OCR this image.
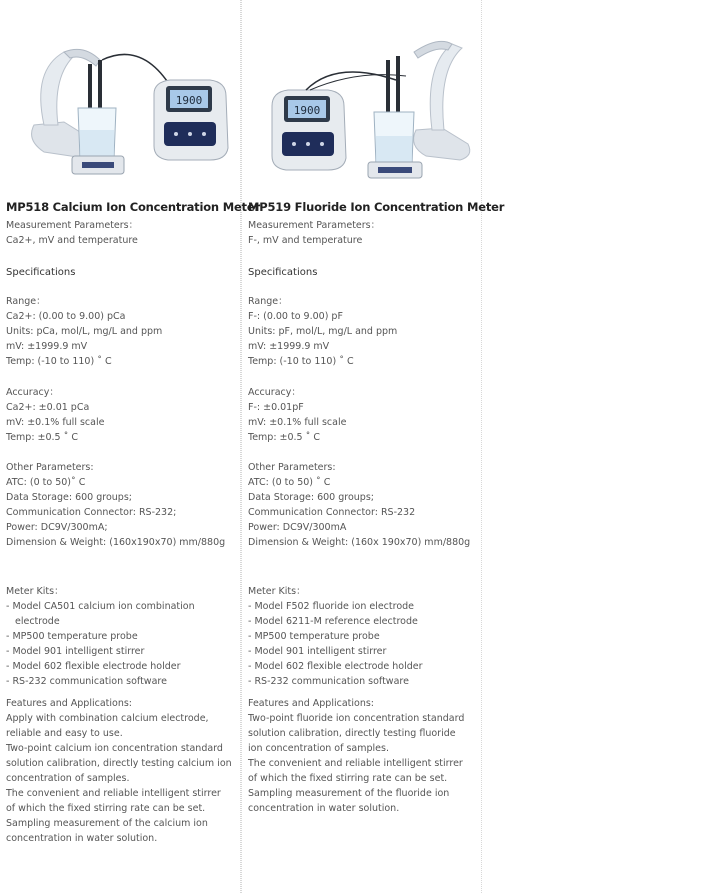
1900
MP518 Calcium Ion Concentration Meter
Measurement Parameters：
Ca2+, mV and temperature
Specifications
Range：
Ca2+: (0.00 to 9.00) pCa
Units: pCa, mol/L, mg/L and ppm
mV: ±1999.9 mV
Temp: (-10 to 110) ˚ C
Accuracy：
Ca2+: ±0.01 pCa
mV: ±0.1% full scale
Temp: ±0.5 ˚ C
Other Parameters:
ATC: (0 to 50)˚ C
Data Storage: 600 groups;
Communication Connector: RS-232;
Power: DC9V/300mA;
Dimension & Weight: (160x190x70) mm/880g
Meter Kits：
- Model CA501 calcium ion combination
electrode
- MP500 temperature probe
- Model 901 intelligent stirrer
- Model 602 flexible electrode holder
- RS-232 communication software
Features and Applications:
Apply with combination calcium electrode,
reliable and easy to use.
Two-point calcium ion concentration standard
solution calibration, directly testing calcium ion
concentration of samples.
The convenient and reliable intelligent stirrer
of which the fixed stirring rate can be set.
Sampling measurement of the calcium ion
concentration in water solution.
1900
MP519 Fluoride Ion Concentration Meter
Measurement Parameters：
F-, mV and temperature
Specifications
Range：
F-: (0.00 to 9.00) pF
Units: pF, mol/L, mg/L and ppm
mV: ±1999.9 mV
Temp: (-10 to 110) ˚ C
Accuracy：
F-: ±0.01pF
mV: ±0.1% full scale
Temp: ±0.5 ˚ C
Other Parameters:
ATC: (0 to 50) ˚ C
Data Storage: 600 groups;
Communication Connector: RS-232
Power: DC9V/300mA
Dimension & Weight: (160x 190x70) mm/880g
Meter Kits：
- Model F502 fluoride ion electrode
- Model 6211-M reference electrode
- MP500 temperature probe
- Model 901 intelligent stirrer
- Model 602 flexible electrode holder
- RS-232 communication software
Features and Applications:
Two-point fluoride ion concentration standard
solution calibration, directly testing fluoride
ion concentration of samples.
The convenient and reliable intelligent stirrer
of which the fixed stirring rate can be set.
Sampling measurement of the fluoride ion
concentration in water solution.
